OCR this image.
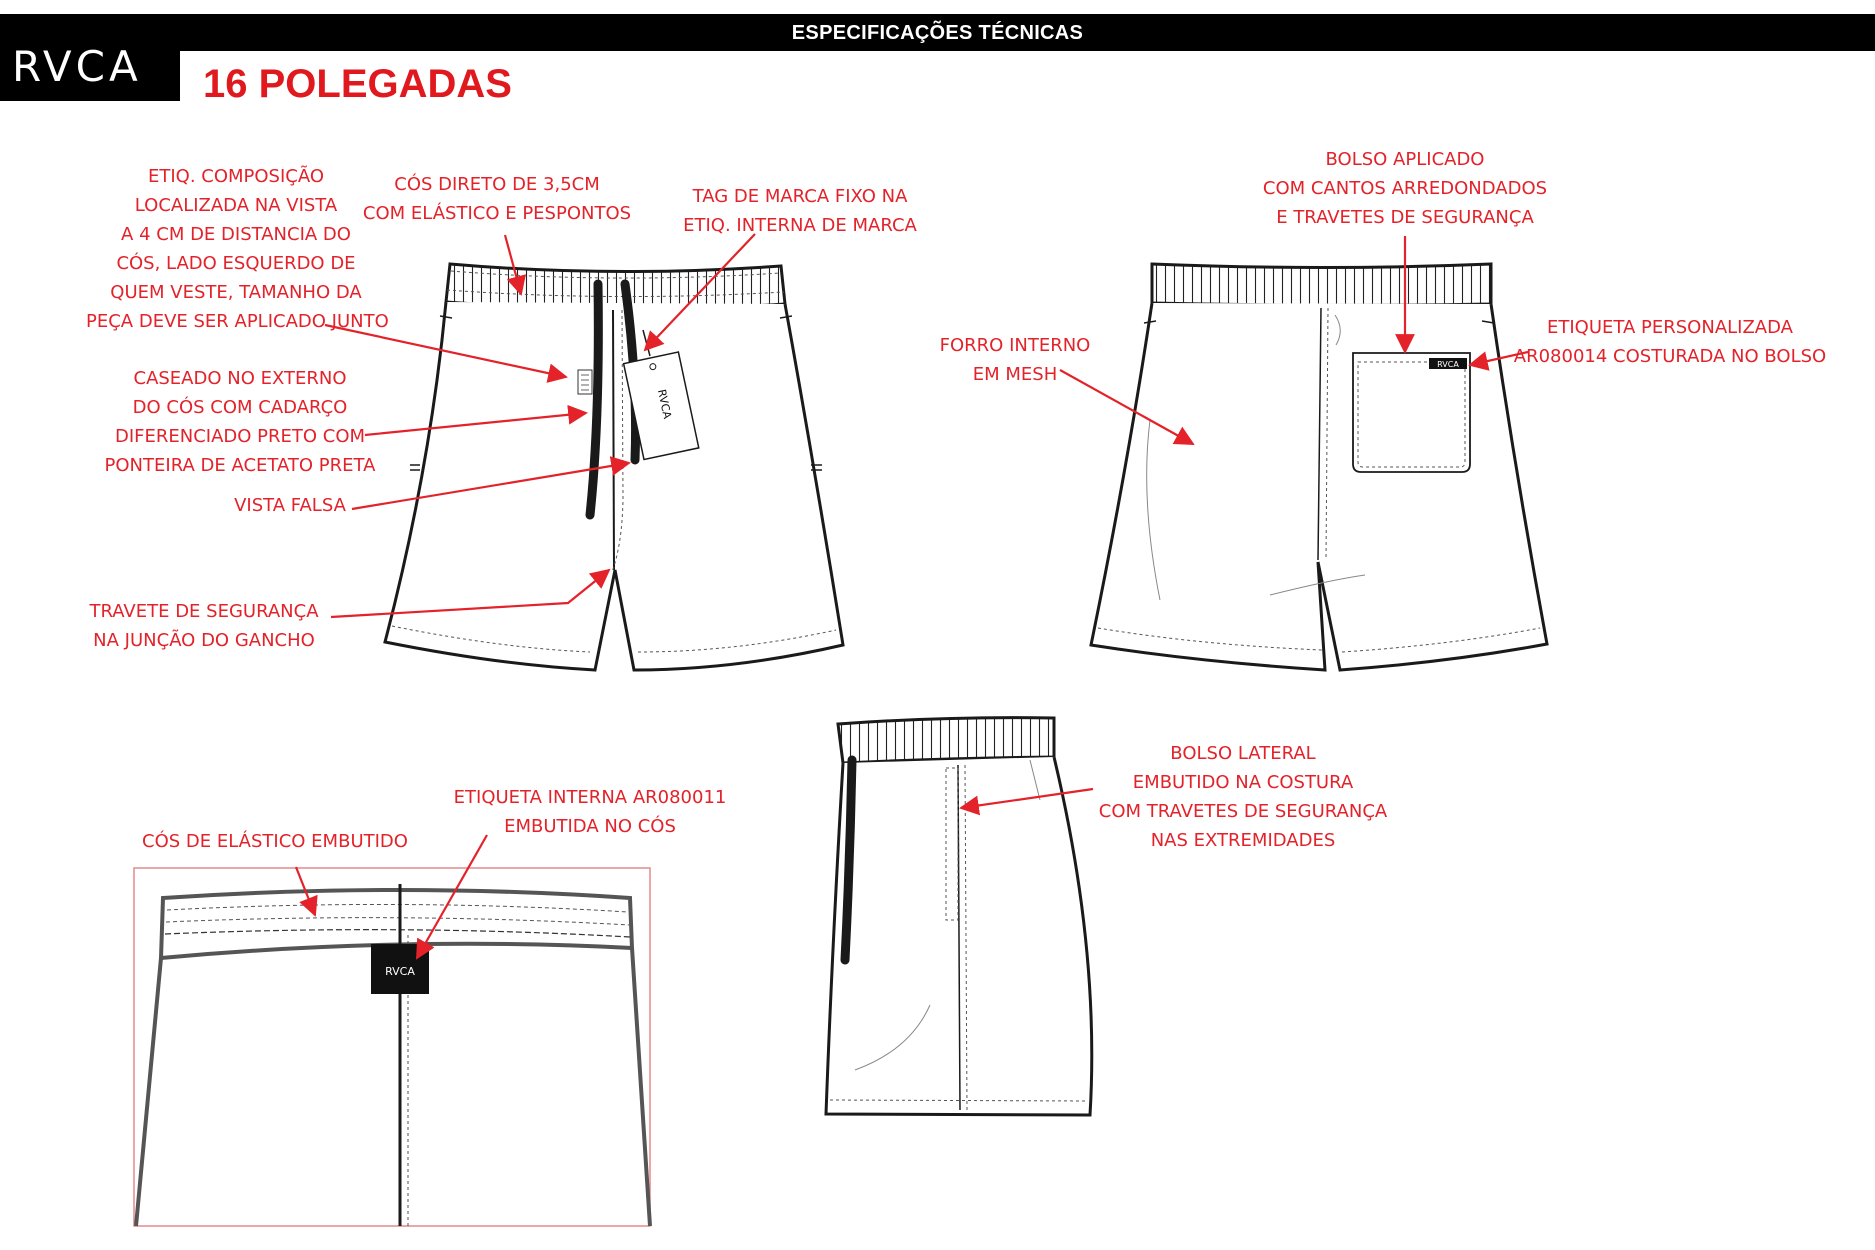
ESPECIFICAÇÕES TÉCNICAS
RVCA 16 POLEGADAS
RVCA
RVCA
RVCA
ETIQ. COMPOSIÇÃO
LOCALIZADA NA VISTA
A 4 CM DE DISTANCIA DO
CÓS, LADO ESQUERDO DE
QUEM VESTE, TAMANHO DA
PEÇA DEVE SER APLICADO JUNTO
CÓS DIRETO DE 3,5CM
COM ELÁSTICO E PESPONTOS
TAG DE MARCA FIXO NA
ETIQ. INTERNA DE MARCA
CASEADO NO EXTERNO
DO CÓS COM CADARÇO
DIFERENCIADO PRETO COM
PONTEIRA DE ACETATO PRETA
VISTA FALSA
TRAVETE DE SEGURANÇA
NA JUNÇÃO DO GANCHO
BOLSO APLICADO
COM CANTOS ARREDONDADOS
E TRAVETES DE SEGURANÇA
FORRO INTERNO
EM MESH
ETIQUETA PERSONALIZADA
AR080014 COSTURADA NO BOLSO
BOLSO LATERAL
EMBUTIDO NA COSTURA
COM TRAVETES DE SEGURANÇA
NAS EXTREMIDADES
CÓS DE ELÁSTICO EMBUTIDO
ETIQUETA INTERNA AR080011
EMBUTIDA NO CÓS
